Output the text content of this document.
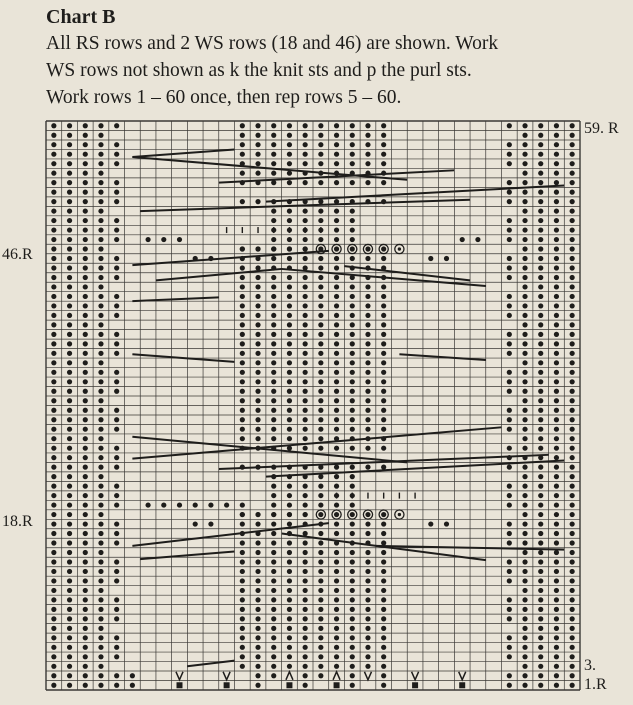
Chart B

All RS rows and 2 WS rows (18 and 46) are shown. Work

WS rows not shown as k the knit sts and p the purl sts.

Work rows 1 – 60 once, then rep rows 5 – 60.

59. R
46.R
18.R
3.
1.R
